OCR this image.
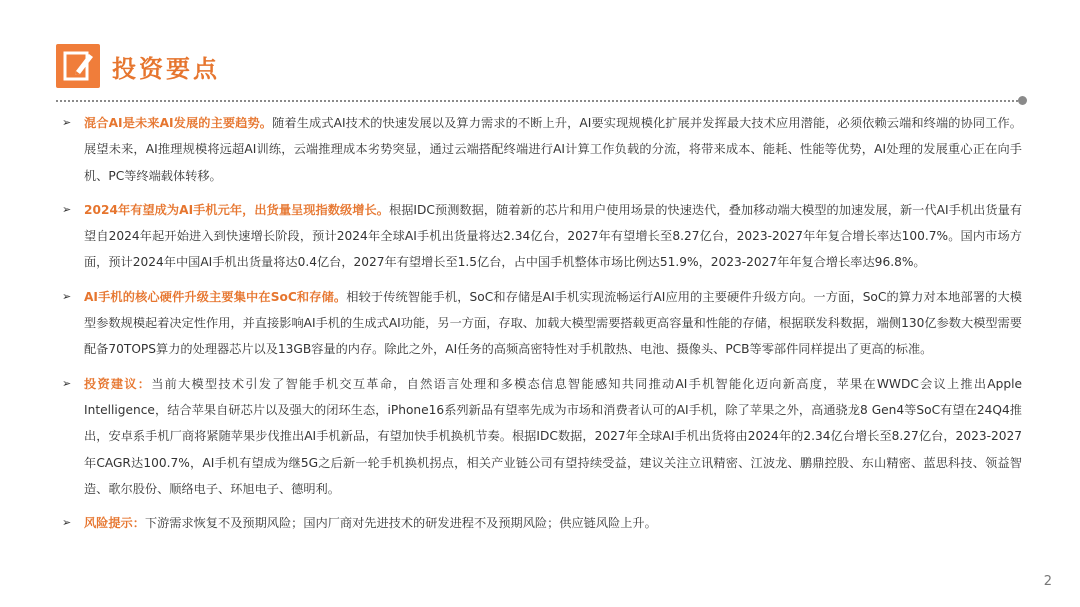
投资要点
➢	混合AI是未来AI发展的主要趋势。随着生成式AI技术的快速发展以及算力需求的不断上升，AI要实现规模化扩展并发挥最大技术应用潜能，必须依赖云端和终端的协同工作。展望未来，AI推理规模将远超AI训练，云端推理成本劣势突显，通过云端搭配终端进行AI计算工作负载的分流，将带来成本、能耗、性能等优势，AI处理的发展重心正在向手机、PC等终端载体转移。
➢	2024年有望成为AI手机元年，出货量呈现指数级增长。根据IDC预测数据，随着新的芯片和用户使用场景的快速迭代，叠加移动端大模型的加速发展，新一代AI手机出货量有望自2024年起开始进入到快速增长阶段，预计2024年全球AI手机出货量将达2.34亿台，2027年有望增长至8.27亿台，2023-2027年年复合增长率达100.7%。国内市场方面，预计2024年中国AI手机出货量将达0.4亿台，2027年有望增长至1.5亿台，占中国手机整体市场比例达51.9%，2023-2027年年复合增长率达96.8%。
➢	AI手机的核心硬件升级主要集中在SoC和存储。相较于传统智能手机，SoC和存储是AI手机实现流畅运行AI应用的主要硬件升级方向。一方面，SoC的算力对本地部署的大模型参数规模起着决定性作用，并直接影响AI手机的生成式AI功能，另一方面，存取、加载大模型需要搭载更高容量和性能的存储，根据联发科数据，端侧130亿参数大模型需要配备70TOPS算力的处理器芯片以及13GB容量的内存。除此之外，AI任务的高频高密特性对手机散热、电池、摄像头、PCB等零部件同样提出了更高的标准。
➢	投资建议：当前大模型技术引发了智能手机交互革命，自然语言处理和多模态信息智能感知共同推动AI手机智能化迈向新高度，苹果在WWDC会议上推出Apple Intelligence，结合苹果自研芯片以及强大的闭环生态，iPhone16系列新品有望率先成为市场和消费者认可的AI手机，除了苹果之外，高通骁龙8 Gen4等SoC有望在24Q4推出，安卓系手机厂商将紧随苹果步伐推出AI手机新品，有望加快手机换机节奏。根据IDC数据，2027年全球AI手机出货将由2024年的2.34亿台增长至8.27亿台，2023-2027年CAGR达100.7%，AI手机有望成为继5G之后新一轮手机换机拐点，相关产业链公司有望持续受益，建议关注立讯精密、江波龙、鹏鼎控股、东山精密、蓝思科技、领益智造、歌尔股份、顺络电子、环旭电子、德明利。
➢	风险提示：下游需求恢复不及预期风险；国内厂商对先进技术的研发进程不及预期风险；供应链风险上升。
2
